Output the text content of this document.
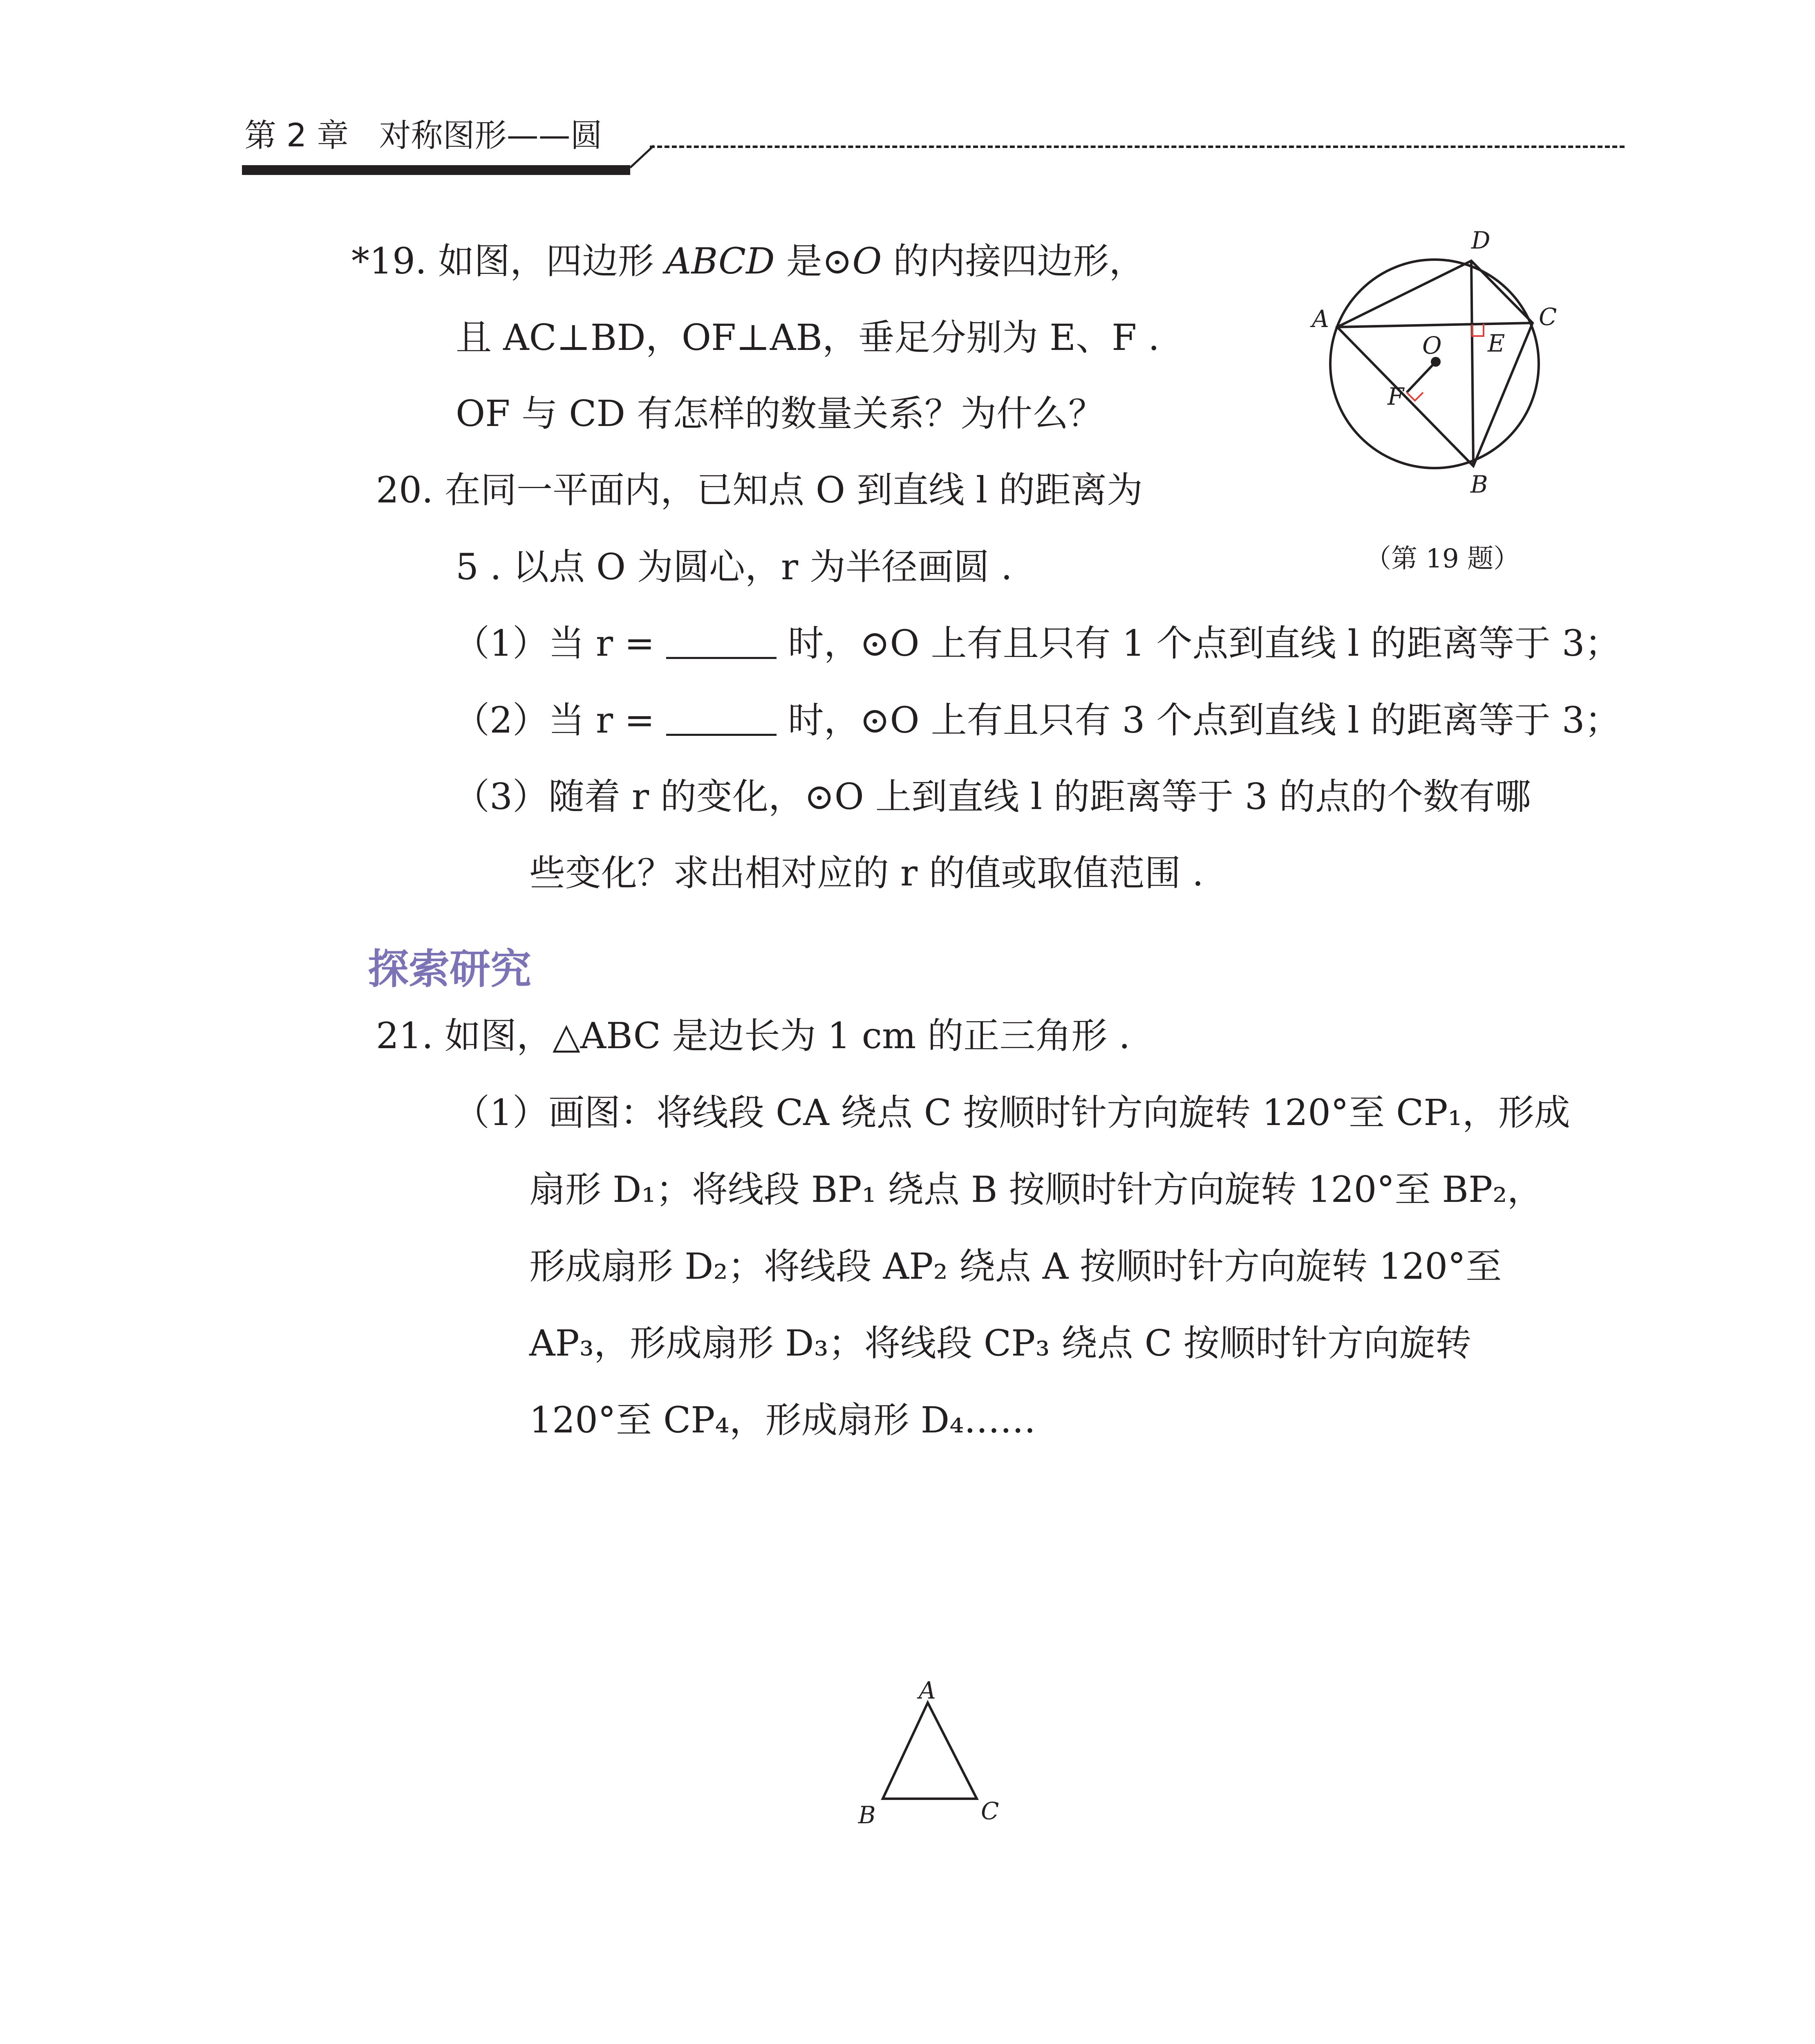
第 2 章 对称图形——圆
*19. 如图，四边形 ABCD 是⊙O 的内接四边形，
且 AC⊥BD，OF⊥AB，垂足分别为 E、F .
OF 与 CD 有怎样的数量关系？为什么？
A
D
C
B
E
F
O
（第 19 题）
20. 在同一平面内，已知点 O 到直线 l 的距离为
5 . 以点 O 为圆心，r 为半径画圆 .
（1）当 r =	时，⊙O 上有且只有 1 个点到直线 l 的距离等于 3；
（2）当 r =	时，⊙O 上有且只有 3 个点到直线 l 的距离等于 3；
（3）随着 r 的变化，⊙O 上到直线 l 的距离等于 3 的点的个数有哪
些变化？求出相对应的 r 的值或取值范围 .
探索研究
21. 如图，△ABC 是边长为 1 cm 的正三角形 .
（1）画图：将线段 CA 绕点 C 按顺时针方向旋转 120°至 CP₁，形成
扇形 D₁；将线段 BP₁ 绕点 B 按顺时针方向旋转 120°至 BP₂，
形成扇形 D₂；将线段 AP₂ 绕点 A 按顺时针方向旋转 120°至
AP₃，形成扇形 D₃；将线段 CP₃ 绕点 C 按顺时针方向旋转
120°至 CP₄，形成扇形 D₄……
A
B	C
